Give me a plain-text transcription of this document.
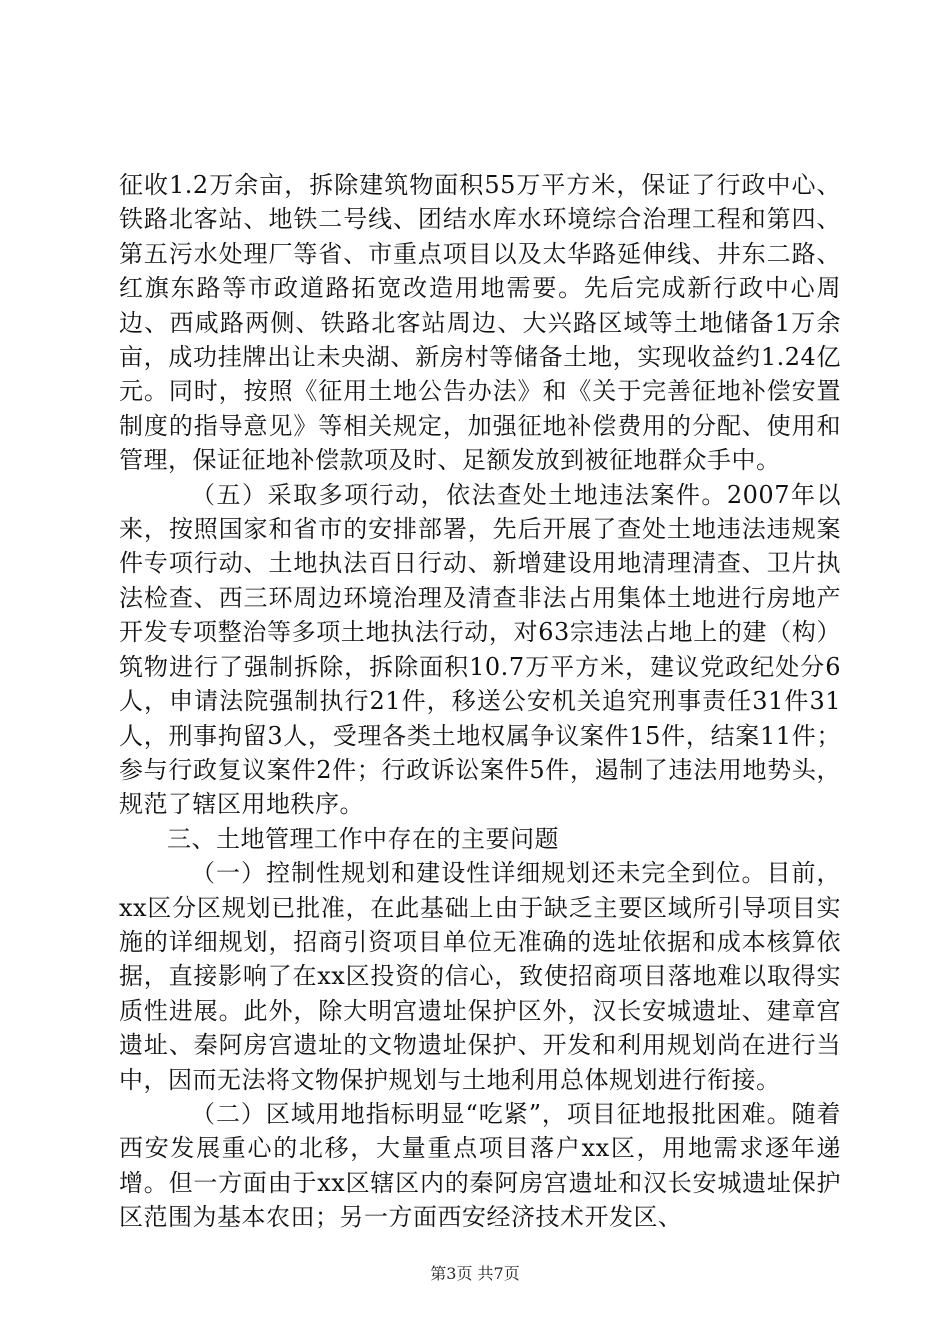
征收1.2万余亩，拆除建筑物面积55万平方米，保证了行政中心、铁路北客站、地铁二号线、团结水库水环境综合治理工程和第四、第五污水处理厂等省、市重点项目以及太华路延伸线、井东二路、红旗东路等市政道路拓宽改造用地需要。先后完成新行政中心周边、西咸路两侧、铁路北客站周边、大兴路区域等土地储备1万余亩，成功挂牌出让未央湖、新房村等储备土地，实现收益约1.24亿元。同时，按照《征用土地公告办法》和《关于完善征地补偿安置制度的指导意见》等相关规定，加强征地补偿费用的分配、使用和管理，保证征地补偿款项及时、足额发放到被征地群众手中。

（五）采取多项行动，依法查处土地违法案件。2007年以来，按照国家和省市的安排部署，先后开展了查处土地违法违规案件专项行动、土地执法百日行动、新增建设用地清理清查、卫片执法检查、西三环周边环境治理及清查非法占用集体土地进行房地产开发专项整治等多项土地执法行动，对63宗违法占地上的建（构）筑物进行了强制拆除，拆除面积10.7万平方米，建议党政纪处分6人，申请法院强制执行21件，移送公安机关追究刑事责任31件31人，刑事拘留3人，受理各类土地权属争议案件15件，结案11件；参与行政复议案件2件；行政诉讼案件5件，遏制了违法用地势头，规范了辖区用地秩序。

三、土地管理工作中存在的主要问题

（一）控制性规划和建设性详细规划还未完全到位。目前，xx区分区规划已批准，在此基础上由于缺乏主要区域所引导项目实施的详细规划，招商引资项目单位无准确的选址依据和成本核算依据，直接影响了在xx区投资的信心，致使招商项目落地难以取得实质性进展。此外，除大明宫遗址保护区外，汉长安城遗址、建章宫遗址、秦阿房宫遗址的文物遗址保护、开发和利用规划尚在进行当中，因而无法将文物保护规划与土地利用总体规划进行衔接。

（二）区域用地指标明显“吃紧”，项目征地报批困难。随着西安发展重心的北移，大量重点项目落户xx区，用地需求逐年递增。但一方面由于xx区辖区内的秦阿房宫遗址和汉长安城遗址保护区范围为基本农田；另一方面西安经济技术开发区、

第3页 共7页
